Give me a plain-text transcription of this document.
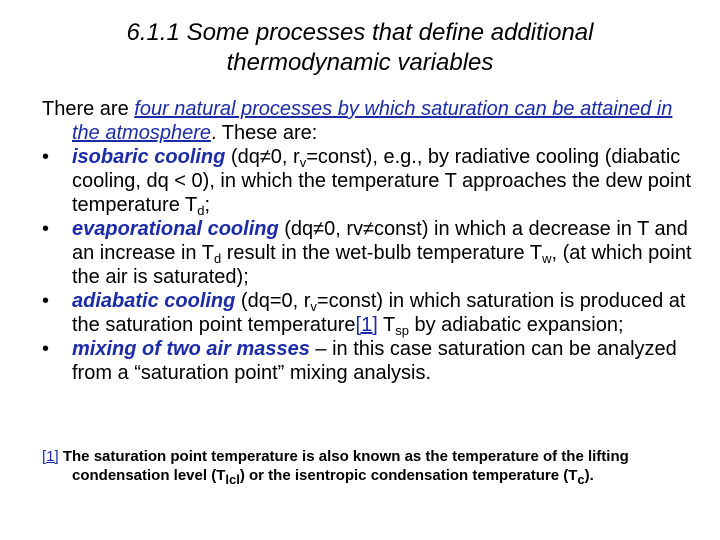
6.1.1 Some processes that define additional
thermodynamic variables
There are four natural processes by which saturation can be attained in the atmosphere. These are:
• isobaric cooling (dq≠0, $r_v=const$), e.g., by radiative cooling (diabatic cooling, dq < 0), in which the temperature T approaches the dew point temperature $T_d$;
• evaporational cooling (dq≠0, rv≠const) in which a decrease in T and an increase in $T_d$ result in the wet-bulb temperature $T_w$, (at which point the air is saturated);
• adiabatic cooling (dq=0, $r_v=const$) in which saturation is produced at the saturation point temperature[1] $T_{sp}$ by adiabatic expansion;
• mixing of two air masses – in this case saturation can be analyzed from a “saturation point” mixing analysis.
[1] The saturation point temperature is also known as the temperature of the lifting condensation level $(T_{lcl})$ or the isentropic condensation temperature $(T_c)$.
